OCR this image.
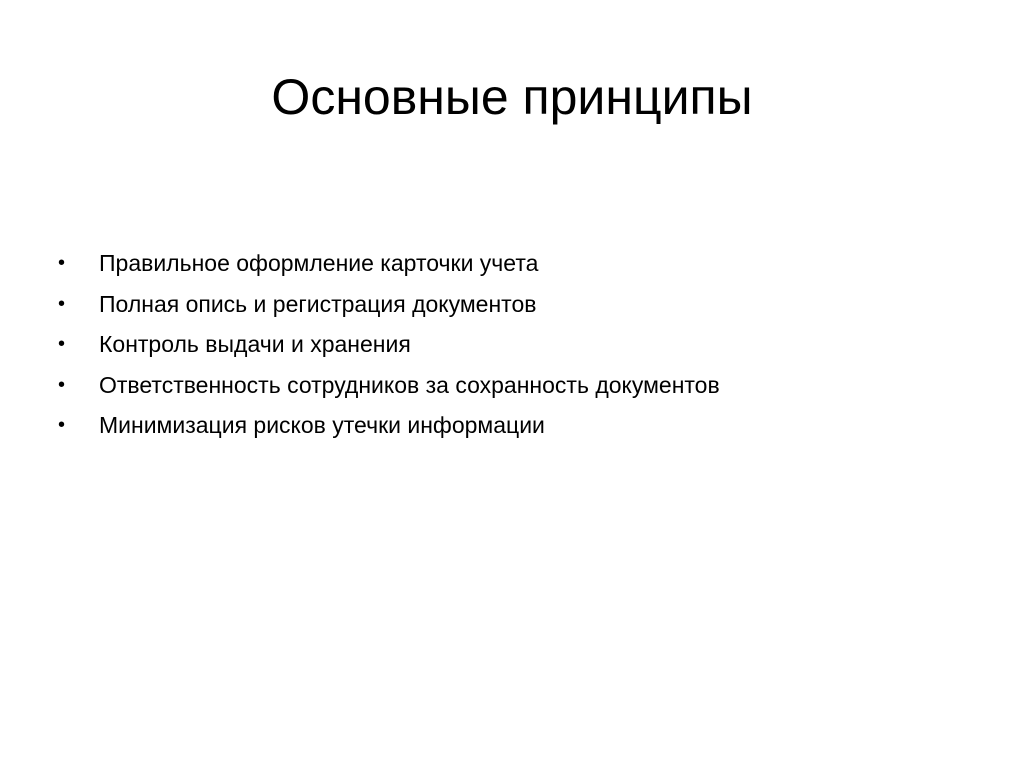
Основные принципы
•	Правильное оформление карточки учета
•	Полная опись и регистрация документов
•	Контроль выдачи и хранения
•	Ответственность сотрудников за сохранность документов
•	Минимизация рисков утечки информации
